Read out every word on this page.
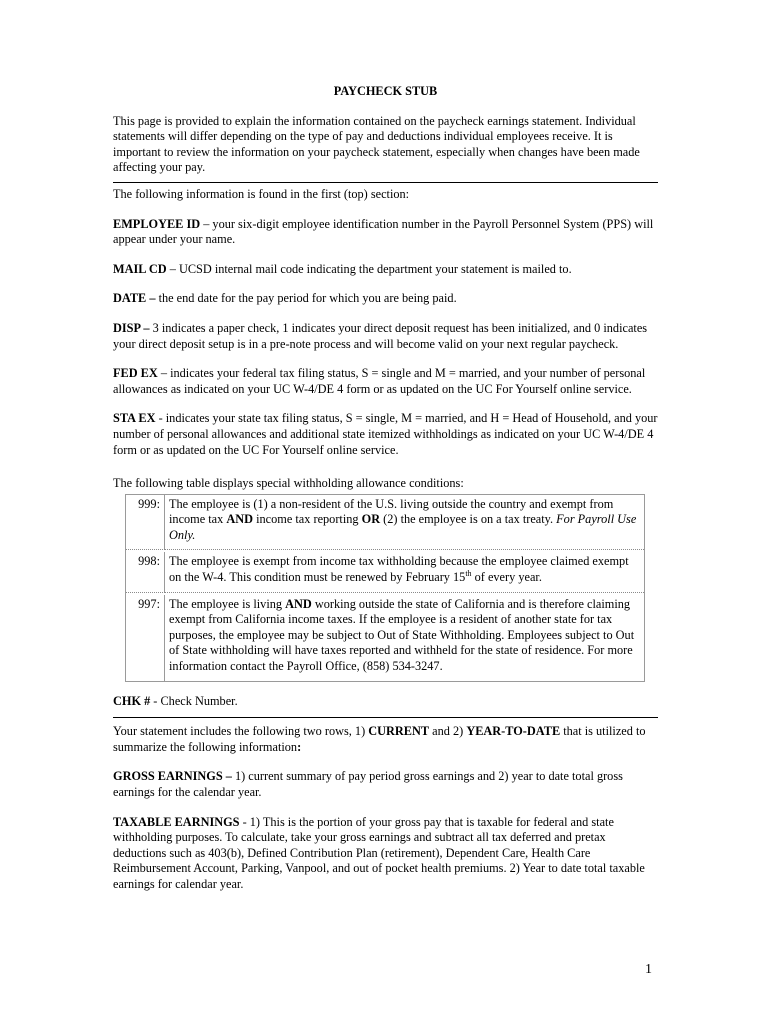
PAYCHECK STUB

This page is provided to explain the information contained on the paycheck earnings statement. Individual statements will differ depending on the type of pay and deductions individual employees receive. It is important to review the information on your paycheck statement, especially when changes have been made affecting your pay.

The following information is found in the first (top) section:

EMPLOYEE ID – your six-digit employee identification number in the Payroll Personnel System (PPS) will appear under your name.

MAIL CD – UCSD internal mail code indicating the department your statement is mailed to.

DATE – the end date for the pay period for which you are being paid.

DISP – 3 indicates a paper check, 1 indicates your direct deposit request has been initialized, and 0 indicates your direct deposit setup is in a pre-note process and will become valid on your next regular paycheck.

FED EX – indicates your federal tax filing status, S = single and M = married, and your number of personal allowances as indicated on your UC W-4/DE 4 form or as updated on the UC For Yourself online service.

STA EX - indicates your state tax filing status, S = single, M = married, and H = Head of Household, and your number of personal allowances and additional state itemized withholdings as indicated on your UC W-4/DE 4 form or as updated on the UC For Yourself online service.

The following table displays special withholding allowance conditions:

999:	The employee is (1) a non-resident of the U.S. living outside the country and exempt from income tax AND income tax reporting OR (2) the employee is on a tax treaty. For Payroll Use Only.

998:	The employee is exempt from income tax withholding because the employee claimed exempt on the W-4. This condition must be renewed by February 15th of every year.

997:	The employee is living AND working outside the state of California and is therefore claiming exempt from California income taxes. If the employee is a resident of another state for tax purposes, the employee may be subject to Out of State Withholding. Employees subject to Out of State withholding will have taxes reported and withheld for the state of residence. For more information contact the Payroll Office, (858) 534-3247.

CHK # - Check Number.

Your statement includes the following two rows, 1) CURRENT and 2) YEAR-TO-DATE that is utilized to summarize the following information:

GROSS EARNINGS – 1) current summary of pay period gross earnings and 2) year to date total gross earnings for the calendar year.

TAXABLE EARNINGS - 1) This is the portion of your gross pay that is taxable for federal and state withholding purposes. To calculate, take your gross earnings and subtract all tax deferred and pretax deductions such as 403(b), Defined Contribution Plan (retirement), Dependent Care, Health Care Reimbursement Account, Parking, Vanpool, and out of pocket health premiums. 2) Year to date total taxable earnings for calendar year.

1
